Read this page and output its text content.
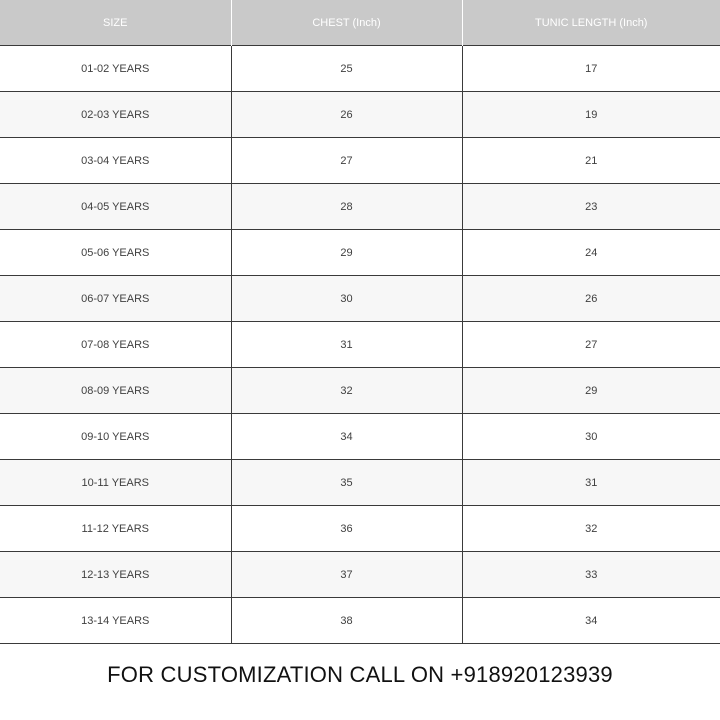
SIZE	CHEST (Inch)	TUNIC LENGTH (Inch)
01-02 YEARS	25	17
02-03 YEARS	26	19
03-04 YEARS	27	21
04-05 YEARS	28	23
05-06 YEARS	29	24
06-07 YEARS	30	26
07-08 YEARS	31	27
08-09 YEARS	32	29
09-10 YEARS	34	30
10-11 YEARS	35	31
11-12 YEARS	36	32
12-13 YEARS	37	33
13-14 YEARS	38	34
FOR CUSTOMIZATION CALL ON +918920123939
